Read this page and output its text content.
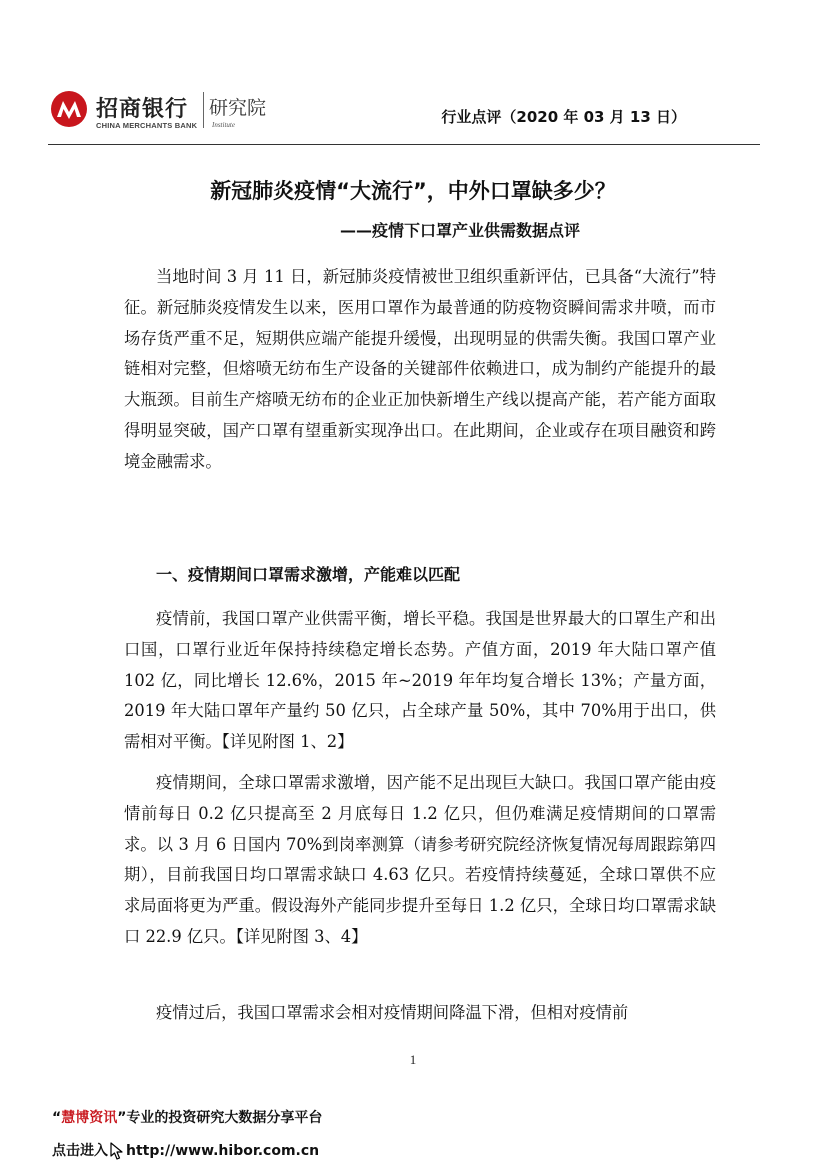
招商银行
CHINA MERCHANTS BANK
研究院
Institute	行业点评（2020 年 03 月 13 日）
新冠肺炎疫情“大流行”，中外口罩缺多少？
——疫情下口罩产业供需数据点评
当地时间 3 月 11 日，新冠肺炎疫情被世卫组织重新评估，已具备“大流行”特征。新冠肺炎疫情发生以来，医用口罩作为最普通的防疫物资瞬间需求井喷，而市场存货严重不足，短期供应端产能提升缓慢，出现明显的供需失衡。我国口罩产业链相对完整，但熔喷无纺布生产设备的关键部件依赖进口，成为制约产能提升的最大瓶颈。目前生产熔喷无纺布的企业正加快新增生产线以提高产能，若产能方面取得明显突破，国产口罩有望重新实现净出口。在此期间，企业或存在项目融资和跨境金融需求。
一、疫情期间口罩需求激增，产能难以匹配
疫情前，我国口罩产业供需平衡，增长平稳。我国是世界最大的口罩生产和出口国，口罩行业近年保持持续稳定增长态势。产值方面，2019 年大陆口罩产值 102 亿，同比增长 12.6%，2015 年~2019 年年均复合增长 13%；产量方面，2019 年大陆口罩年产量约 50 亿只，占全球产量 50%，其中 70%用于出口，供需相对平衡。【详见附图 1、2】
疫情期间，全球口罩需求激增，因产能不足出现巨大缺口。我国口罩产能由疫情前每日 0.2 亿只提高至 2 月底每日 1.2 亿只，但仍难满足疫情期间的口罩需求。以 3 月 6 日国内 70%到岗率测算（请参考研究院经济恢复情况每周跟踪第四期），目前我国日均口罩需求缺口 4.63 亿只。若疫情持续蔓延，全球口罩供不应求局面将更为严重。假设海外产能同步提升至每日 1.2 亿只，全球日均口罩需求缺口 22.9 亿只。【详见附图 3、4】
疫情过后，我国口罩需求会相对疫情期间降温下滑，但相对疫情前
1
“慧博资讯”专业的投资研究大数据分享平台
点击进入 http://www.hibor.com.cn
